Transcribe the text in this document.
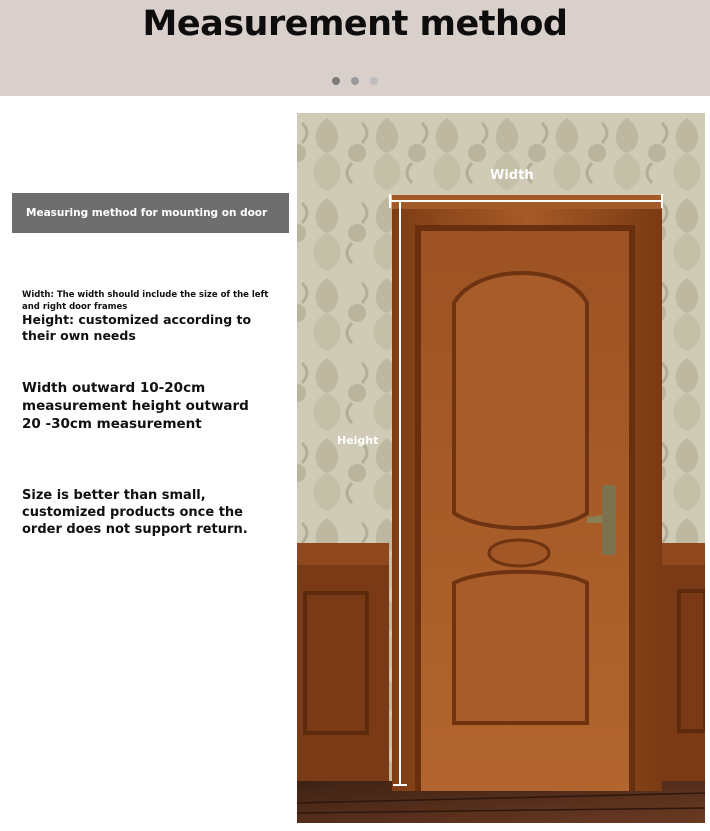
Measurement method

Measuring method for mounting on door frame
Width: The width should include the size of the left and right door frames
Height: customized according to their own needs
Width outward 10-20cm measurement height outward 20 -30cm measurement
Size is better than small, customized products once the order does not support return.
Width
Height
